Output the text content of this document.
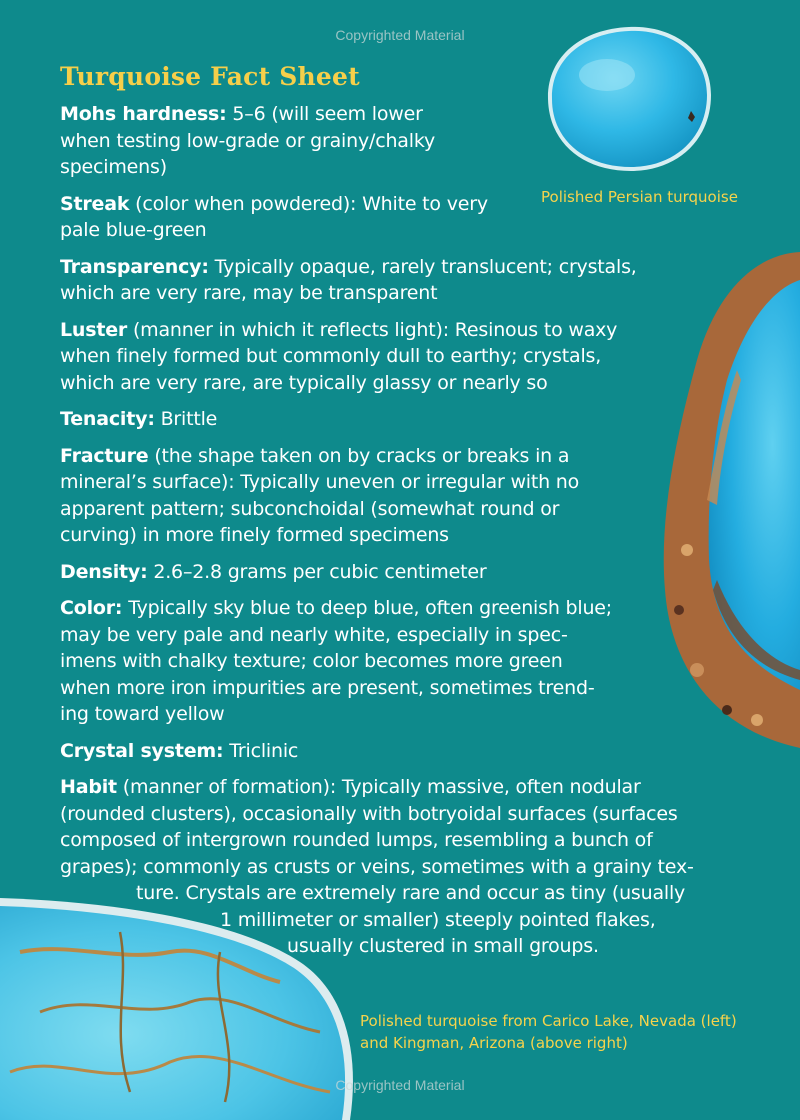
Copyrighted Material
Polished Persian turquoise
Turquoise Fact Sheet
Mohs hardness: 5–6 (will seem lower
when testing low-grade or grainy/chalky
specimens)
Streak (color when powdered): White to very
pale blue-green
Transparency: Typically opaque, rarely translucent; crystals,
which are very rare, may be transparent
Luster (manner in which it reflects light): Resinous to waxy
when finely formed but commonly dull to earthy; crystals,
which are very rare, are typically glassy or nearly so
Tenacity: Brittle
Fracture (the shape taken on by cracks or breaks in a
mineral’s surface): Typically uneven or irregular with no
apparent pattern; subconchoidal (somewhat round or
curving) in more finely formed specimens
Density: 2.6–2.8 grams per cubic centimeter
Color: Typically sky blue to deep blue, often greenish blue;
may be very pale and nearly white, especially in spec-
imens with chalky texture; color becomes more green
when more iron impurities are present, sometimes trend-
ing toward yellow
Crystal system: Triclinic
Habit (manner of formation): Typically massive, often nodular
(rounded clusters), occasionally with botryoidal surfaces (surfaces
composed of intergrown rounded lumps, resembling a bunch of
grapes); commonly as crusts or veins, sometimes with a grainy tex-
ture. Crystals are extremely rare and occur as tiny (usually
1 millimeter or smaller) steeply pointed flakes,
usually clustered in small groups.
Polished turquoise from Carico Lake, Nevada (left)
and Kingman, Arizona (above right)
Copyrighted Material
